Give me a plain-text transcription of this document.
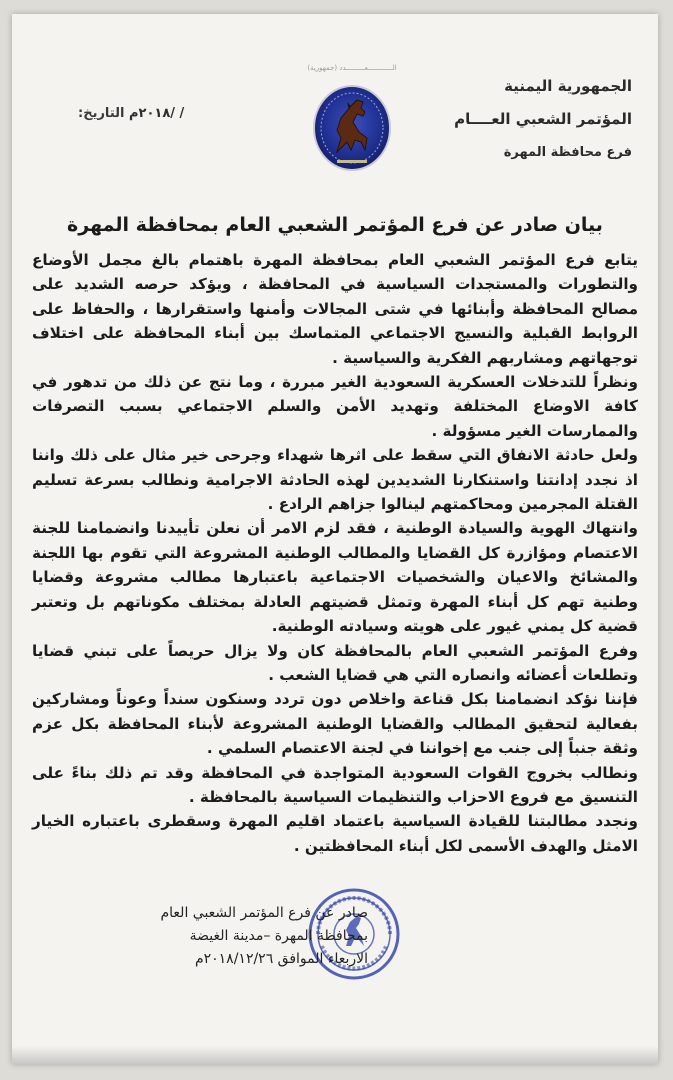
الــــــــــــعـــــــــدد (جمهورية)
الجمهورية اليمنية
المؤتمر الشعبي العــــام
فرع محافظة المهرة
/ /٢٠١٨م التاريخ:
بيان صادر عن فرع المؤتمر الشعبي العام بمحافظة المهرة

يتابع فرع المؤتمر الشعبي العام بمحافظة المهرة باهتمام بالغ مجمل الأوضاع والتطورات والمستجدات السياسية في المحافظة ، ويؤكد حرصه الشديد على مصالح المحافظة وأبنائها في شتى المجالات وأمنها واستقرارها ، والحفاظ على الروابط القبلية والنسيج الاجتماعي المتماسك بين أبناء المحافظة على اختلاف توجهاتهم ومشاربهم الفكرية والسياسية .

ونظراً للتدخلات العسكرية السعودية الغير مبررة ، وما نتج عن ذلك من تدهور في كافة الاوضاع المختلفة وتهديد الأمن والسلم الاجتماعي بسبب التصرفات والممارسات الغير مسؤولة .

ولعل حادثة الانفاق التي سقط على اثرها شهداء وجرحى خير مثال على ذلك واننا اذ نجدد إدانتنا واستنكارنا الشديدين لهذه الحادثة الاجرامية ونطالب بسرعة تسليم القتلة المجرمين ومحاكمتهم لينالوا جزاهم الرادع .

وانتهاك الهوية والسيادة الوطنية ، فقد لزم الامر أن نعلن تأييدنا وانضمامنا للجنة الاعتصام ومؤازرة كل القضايا والمطالب الوطنية المشروعة التي تقوم بها اللجنة والمشائخ والاعيان والشخصيات الاجتماعية باعتبارها مطالب مشروعة وقضايا وطنية تهم كل أبناء المهرة وتمثل قضيتهم العادلة بمختلف مكوناتهم بل وتعتبر قضية كل يمني غيور على هويته وسيادته الوطنية.

وفرع المؤتمر الشعبي العام بالمحافظة كان ولا يزال حريصاً على تبني قضايا وتطلعات أعضائه وانصاره التي هي قضايا الشعب .

فإننا نؤكد انضمامنا بكل قناعة واخلاص دون تردد وسنكون سنداً وعوناً ومشاركين بفعالية لتحقيق المطالب والقضايا الوطنية المشروعة لأبناء المحافظة بكل عزم وثقة جنباً إلى جنب مع إخواننا في لجنة الاعتصام السلمي .

ونطالب بخروج القوات السعودية المتواجدة في المحافظة وقد تم ذلك بناءً على التنسيق مع فروع الاحزاب والتنظيمات السياسية بالمحافظة .

ونجدد مطالبتنا للقيادة السياسية باعتماد اقليم المهرة وسقطرى باعتباره الخيار الامثل والهدف الأسمى لكل أبناء المحافظتين .

صادر عن فرع المؤتمر الشعبي العام
بمحافظة المهرة –مدينة الغيضة
الاربعاء الموافق ٢٠١٨/١٢/٢٦م
